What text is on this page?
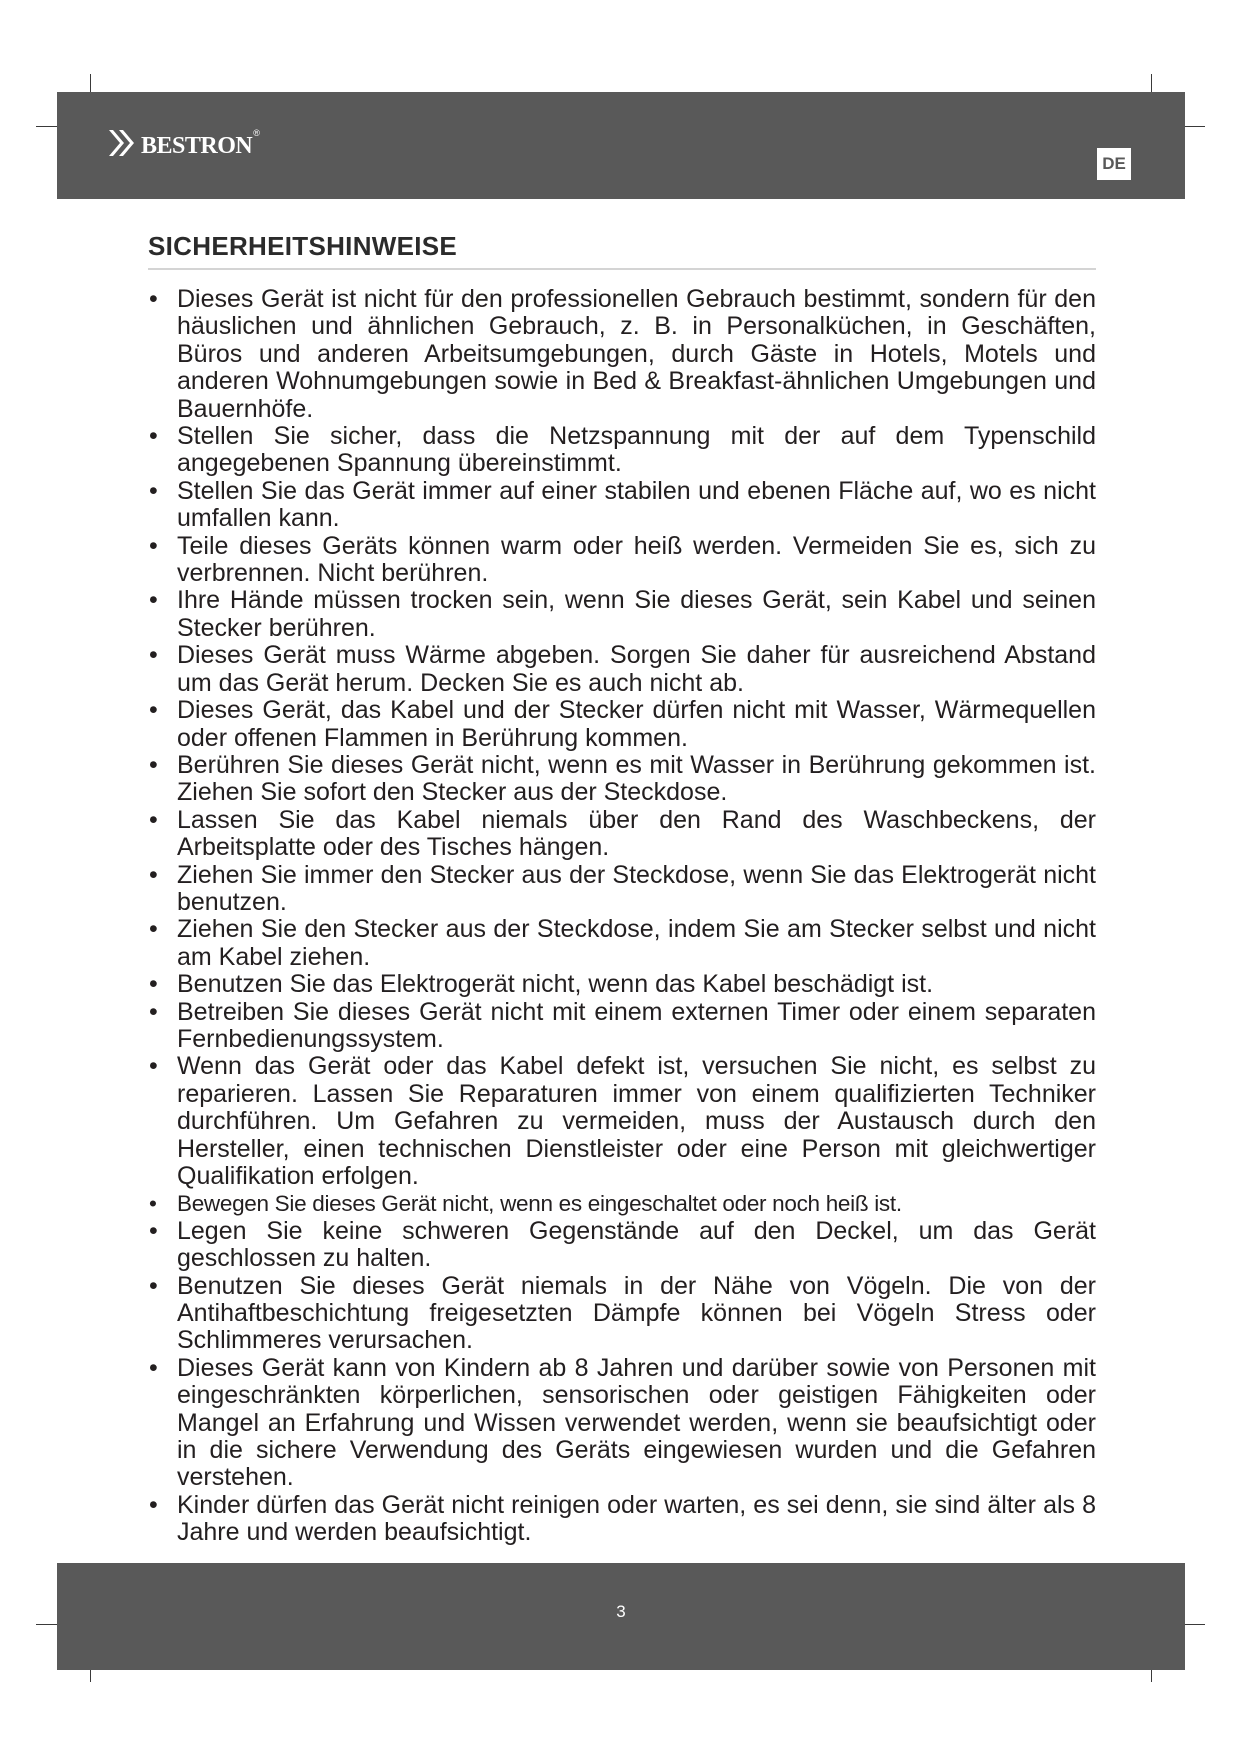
bestron ®
DE
SICHERHEITSHINWEISE
• Dieses Gerät ist nicht für den professionellen Gebrauch bestimmt, sondern für den häuslichen und ähnlichen Gebrauch, z. B. in Personalküchen, in Geschäften, Büros und anderen Arbeitsumgebungen, durch Gäste in Hotels, Motels und anderen Wohnumgebungen sowie in Bed & Breakfast-ähnlichen Umgebungen und Bauernhöfe.
• Stellen Sie sicher, dass die Netzspannung mit der auf dem Typenschild angegebenen Spannung übereinstimmt.
• Stellen Sie das Gerät immer auf einer stabilen und ebenen Fläche auf, wo es nicht umfallen kann.
• Teile dieses Geräts können warm oder heiß werden. Vermeiden Sie es, sich zu verbrennen. Nicht berühren.
• Ihre Hände müssen trocken sein, wenn Sie dieses Gerät, sein Kabel und seinen Stecker berühren.
• Dieses Gerät muss Wärme abgeben. Sorgen Sie daher für ausreichend Abstand um das Gerät herum. Decken Sie es auch nicht ab.
• Dieses Gerät, das Kabel und der Stecker dürfen nicht mit Wasser, Wärmequellen oder offenen Flammen in Berührung kommen.
• Berühren Sie dieses Gerät nicht, wenn es mit Wasser in Berührung gekommen ist. Ziehen Sie sofort den Stecker aus der Steckdose.
• Lassen Sie das Kabel niemals über den Rand des Waschbeckens, der Arbeitsplatte oder des Tisches hängen.
• Ziehen Sie immer den Stecker aus der Steckdose, wenn Sie das Elektrogerät nicht benutzen.
• Ziehen Sie den Stecker aus der Steckdose, indem Sie am Stecker selbst und nicht am Kabel ziehen.
• Benutzen Sie das Elektrogerät nicht, wenn das Kabel beschädigt ist.
• Betreiben Sie dieses Gerät nicht mit einem externen Timer oder einem separaten Fernbedienungssystem.
• Wenn das Gerät oder das Kabel defekt ist, versuchen Sie nicht, es selbst zu reparieren. Lassen Sie Reparaturen immer von einem qualifizierten Techniker durchführen. Um Gefahren zu vermeiden, muss der Austausch durch den Hersteller, einen technischen Dienstleister oder eine Person mit gleichwertiger Qualifikation erfolgen.
• Bewegen Sie dieses Gerät nicht, wenn es eingeschaltet oder noch heiß ist.
• Legen Sie keine schweren Gegenstände auf den Deckel, um das Gerät geschlossen zu halten.
• Benutzen Sie dieses Gerät niemals in der Nähe von Vögeln. Die von der Antihaftbeschichtung freigesetzten Dämpfe können bei Vögeln Stress oder Schlimmeres verursachen.
• Dieses Gerät kann von Kindern ab 8 Jahren und darüber sowie von Personen mit eingeschränkten körperlichen, sensorischen oder geistigen Fähigkeiten oder Mangel an Erfahrung und Wissen verwendet werden, wenn sie beaufsichtigt oder in die sichere Verwendung des Geräts eingewiesen wurden und die Gefahren verstehen.
• Kinder dürfen das Gerät nicht reinigen oder warten, es sei denn, sie sind älter als 8 Jahre und werden beaufsichtigt.
3
